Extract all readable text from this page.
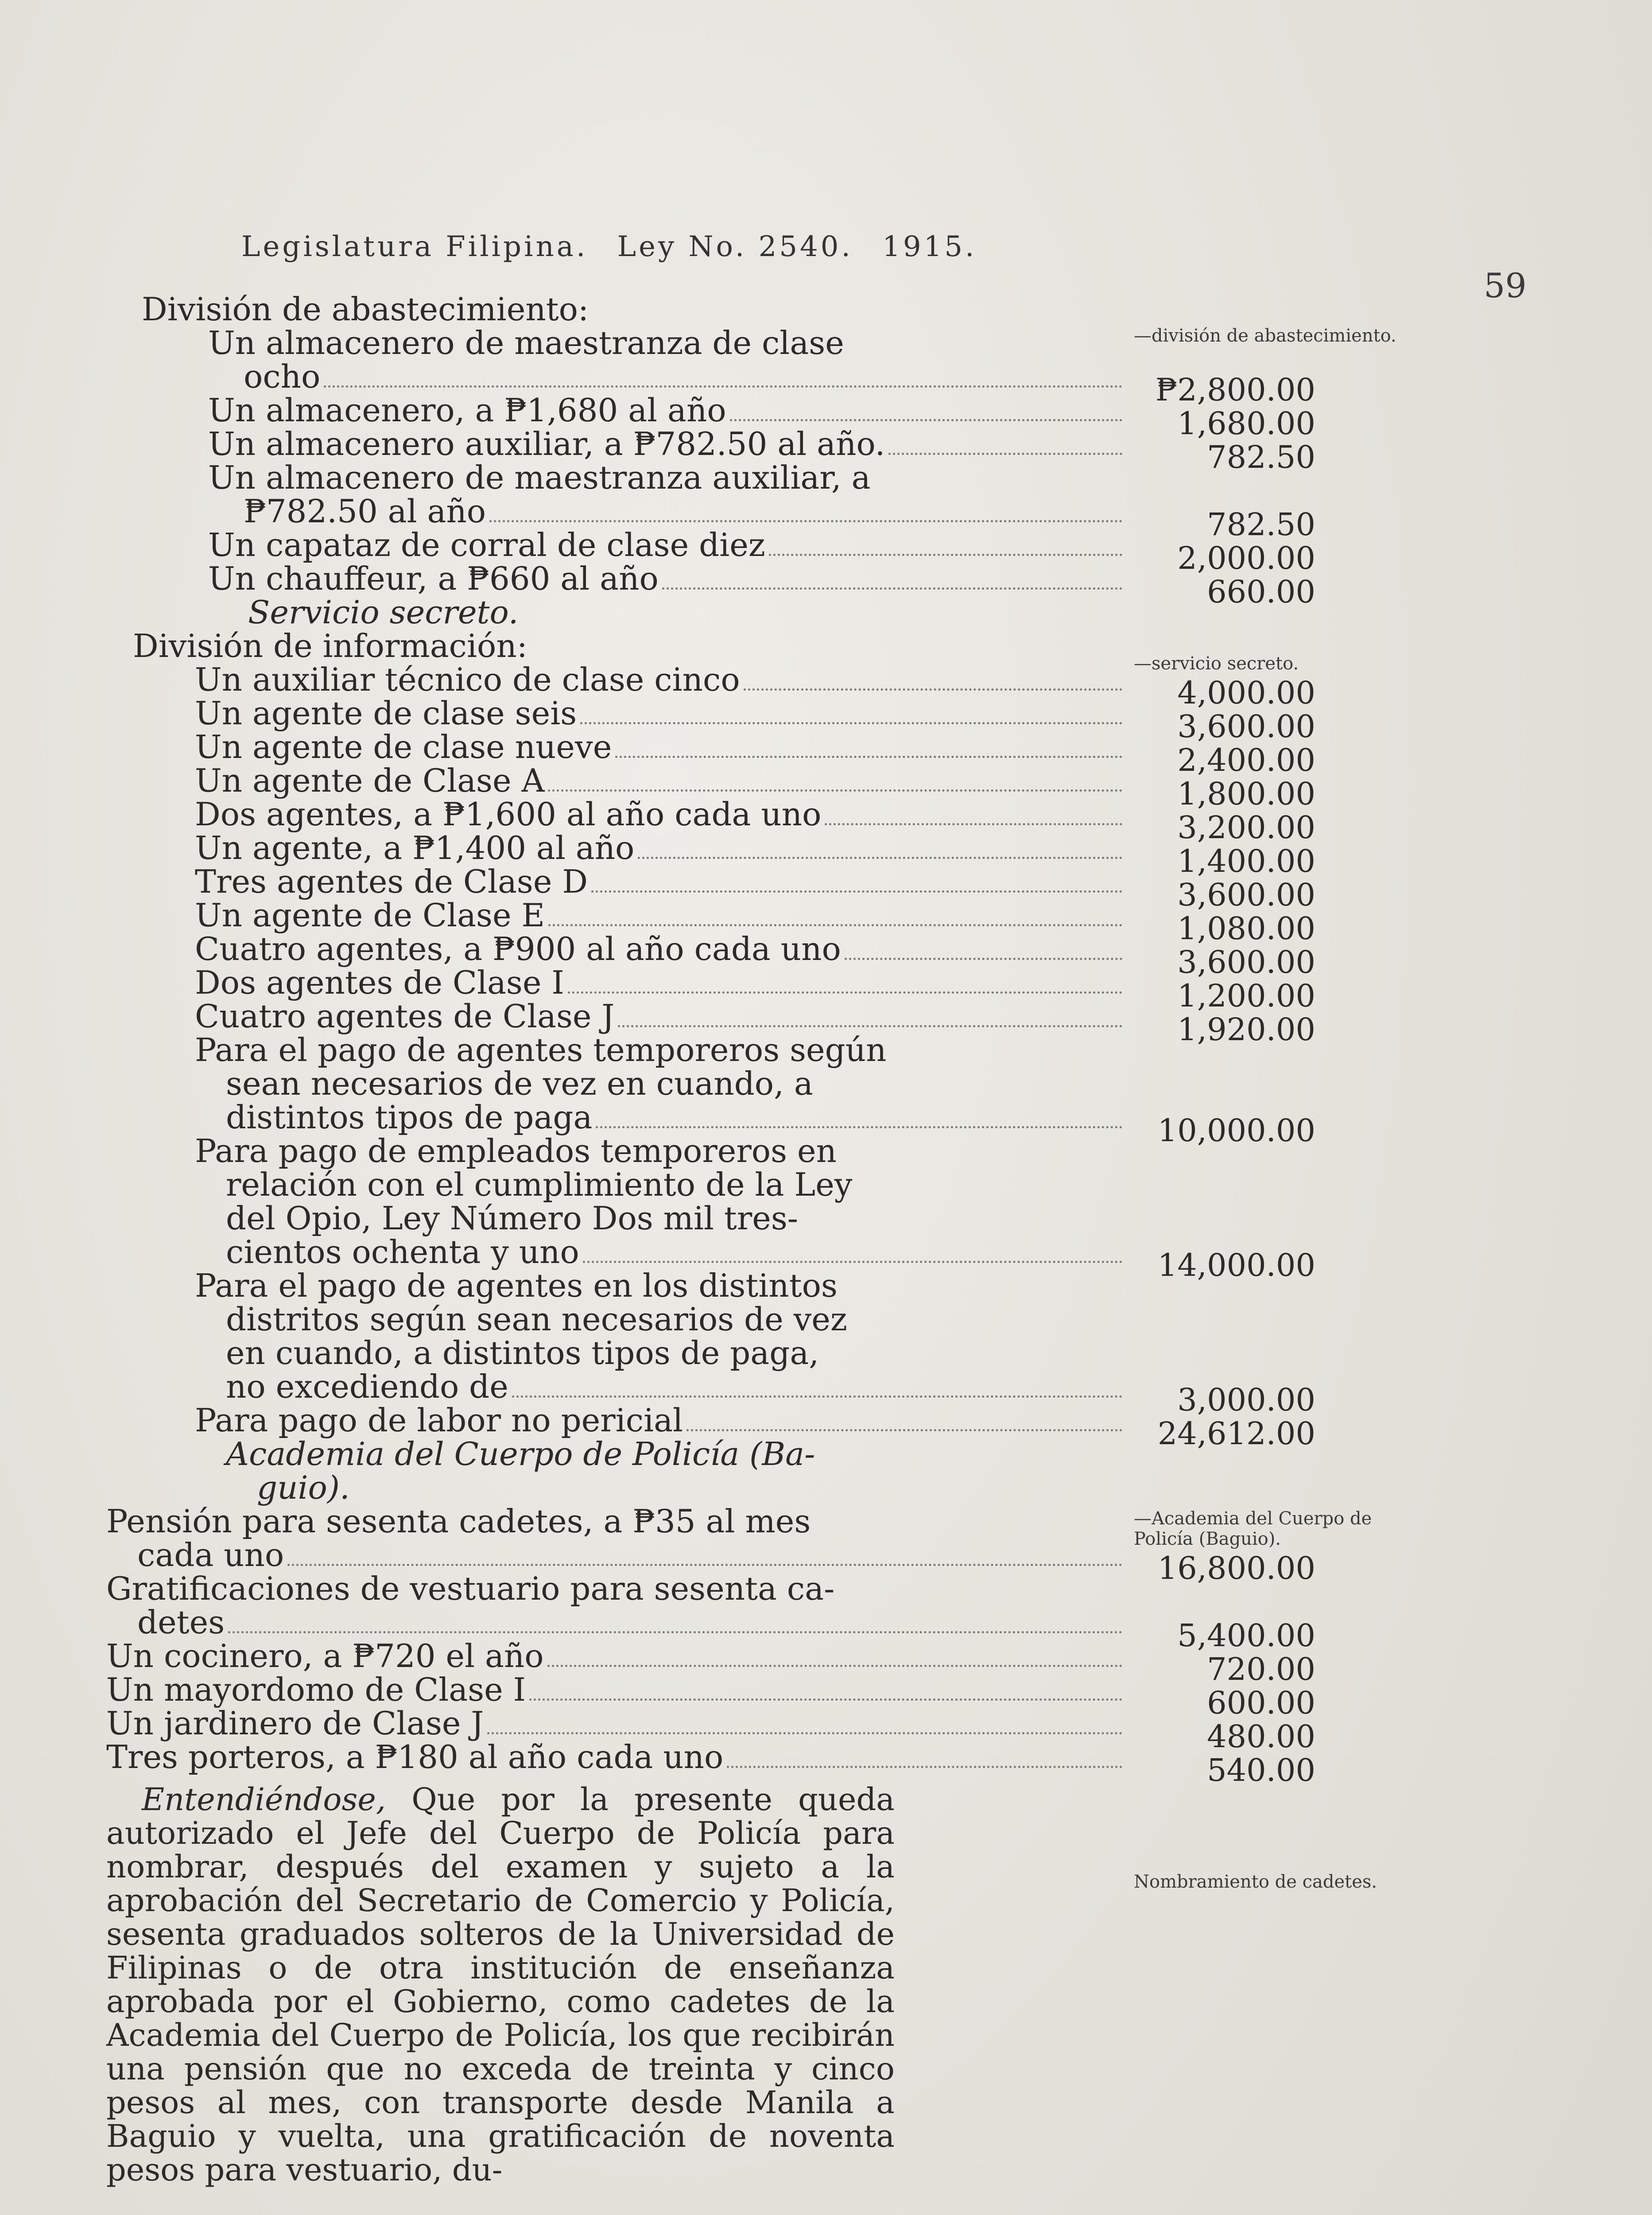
Legislatura Filipina. Ley No. 2540. 1915.
59
—división de abastecimiento.
—servicio secreto.
—Academia del Cuerpo de Policía (Baguio).
Nombramiento de cadetes.
División de abastecimiento:
Un almacenero de maestranza de clase
ocho	₱2,800.00
Un almacenero, a ₱1,680 al año	1,680.00
Un almacenero auxiliar, a ₱782.50 al año.	782.50
Un almacenero de maestranza auxiliar, a
₱782.50 al año	782.50
Un capataz de corral de clase diez	2,000.00
Un chauffeur, a ₱660 al año	660.00
Servicio secreto.
División de información:
Un auxiliar técnico de clase cinco	4,000.00
Un agente de clase seis	3,600.00
Un agente de clase nueve	2,400.00
Un agente de Clase A	1,800.00
Dos agentes, a ₱1,600 al año cada uno	3,200.00
Un agente, a ₱1,400 al año	1,400.00
Tres agentes de Clase D	3,600.00
Un agente de Clase E	1,080.00
Cuatro agentes, a ₱900 al año cada uno	3,600.00
Dos agentes de Clase I	1,200.00
Cuatro agentes de Clase J	1,920.00
Para el pago de agentes temporeros según
sean necesarios de vez en cuando, a
distintos tipos de paga	10,000.00
Para pago de empleados temporeros en
relación con el cumplimiento de la Ley
del Opio, Ley Número Dos mil tres-
cientos ochenta y uno	14,000.00
Para el pago de agentes en los distintos
distritos según sean necesarios de vez
en cuando, a distintos tipos de paga,
no excediendo de	3,000.00
Para pago de labor no pericial	24,612.00
Academia del Cuerpo de Policía (Ba-
guio).
Pensión para sesenta cadetes, a ₱35 al mes
cada uno	16,800.00
Gratificaciones de vestuario para sesenta ca-
detes	5,400.00
Un cocinero, a ₱720 el año	720.00
Un mayordomo de Clase I	600.00
Un jardinero de Clase J	480.00
Tres porteros, a ₱180 al año cada uno	540.00
Entendiéndose, Que por la presente queda autorizado el Jefe del Cuerpo de Policía para nombrar, después del examen y sujeto a la aprobación del Secretario de Comercio y Policía, sesenta graduados solteros de la Universidad de Filipinas o de otra institución de enseñanza aprobada por el Gobierno, como cadetes de la Academia del Cuerpo de Policía, los que recibirán una pensión que no exceda de treinta y cinco pesos al mes, con transporte desde Manila a Baguio y vuelta, una gratificación de noventa pesos para vestuario, du-
